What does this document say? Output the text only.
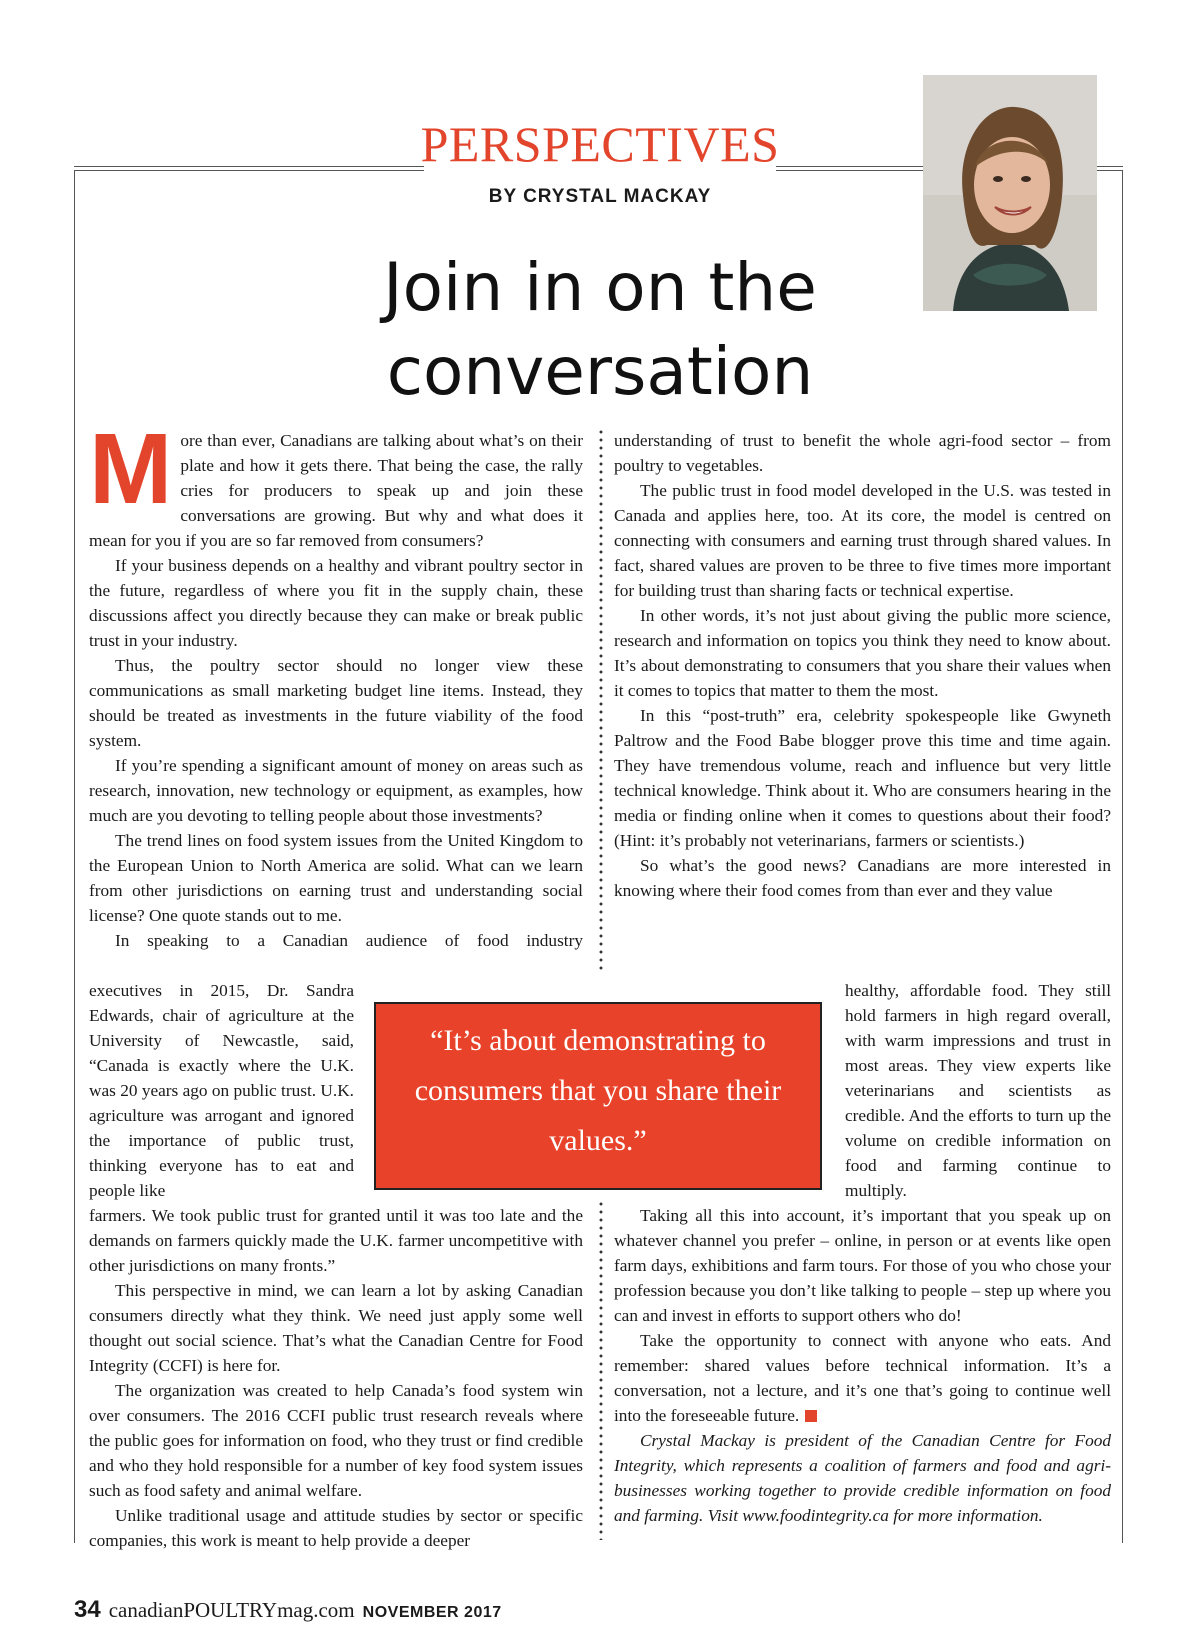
PERSPECTIVES
BY CRYSTAL MACKAY
Join in on the
conversation

More than ever, Canadians are talking about what’s on their plate and how it gets there. That being the case, the rally cries for producers to speak up and join these conversations are growing. But why and what does it mean for you if you are so far removed from consumers?

If your business depends on a healthy and vibrant poultry sector in the future, regardless of where you fit in the supply chain, these discussions affect you directly because they can make or break public trust in your industry.

Thus, the poultry sector should no longer view these communications as small marketing budget line items. Instead, they should be treated as investments in the future viability of the food system.

If you’re spending a significant amount of money on areas such as research, innovation, new technology or equipment, as examples, how much are you devoting to telling people about those investments?

The trend lines on food system issues from the United Kingdom to the European Union to North America are solid. What can we learn from other jurisdictions on earning trust and understanding social license? One quote stands out to me.

In speaking to a Canadian audience of food industry

executives in 2015, Dr. Sandra Edwards, chair of agriculture at the University of Newcastle, said, “Canada is exactly where the U.K. was 20 years ago on public trust. U.K. agriculture was arrogant and ignored the importance of public trust, thinking everyone has to eat and people like

healthy, affordable food. They still hold farmers in high regard overall, with warm impressions and trust in most areas. They view experts like veterinarians and scientists as credible. And the efforts to turn up the volume on credible information on food and farming continue to multiply.

“It’s about demonstrating to
consumers that you share their
values.”

farmers. We took public trust for granted until it was too late and the demands on farmers quickly made the U.K. farmer uncompetitive with other jurisdictions on many fronts.”

This perspective in mind, we can learn a lot by asking Canadian consumers directly what they think. We need just apply some well thought out social science. That’s what the Canadian Centre for Food Integrity (CCFI) is here for.

The organization was created to help Canada’s food system win over consumers. The 2016 CCFI public trust research reveals where the public goes for information on food, who they trust or find credible and who they hold responsible for a number of key food system issues such as food safety and animal welfare.

Unlike traditional usage and attitude studies by sector or specific companies, this work is meant to help provide a deeper

understanding of trust to benefit the whole agri-food sector – from poultry to vegetables.

The public trust in food model developed in the U.S. was tested in Canada and applies here, too. At its core, the model is centred on connecting with consumers and earning trust through shared values. In fact, shared values are proven to be three to five times more important for building trust than sharing facts or technical expertise.

In other words, it’s not just about giving the public more science, research and information on topics you think they need to know about. It’s about demonstrating to consumers that you share their values when it comes to topics that matter to them the most.

In this “post-truth” era, celebrity spokespeople like Gwyneth Paltrow and the Food Babe blogger prove this time and time again. They have tremendous volume, reach and influence but very little technical knowledge. Think about it. Who are consumers hearing in the media or finding online when it comes to questions about their food? (Hint: it’s probably not veterinarians, farmers or scientists.)

So what’s the good news? Canadians are more interested in knowing where their food comes from than ever and they value

Taking all this into account, it’s important that you speak up on whatever channel you prefer – online, in person or at events like open farm days, exhibitions and farm tours. For those of you who chose your profession because you don’t like talking to people – step up where you can and invest in efforts to support others who do!

Take the opportunity to connect with anyone who eats. And remember: shared values before technical information. It’s a conversation, not a lecture, and it’s one that’s going to continue well into the foreseeable future.

Crystal Mackay is president of the Canadian Centre for Food Integrity, which represents a coalition of farmers and food and agri-businesses working together to provide credible information on food and farming. Visit www.foodintegrity.ca for more information.

34 canadianPOULTRYmag.com NOVEMBER 2017
